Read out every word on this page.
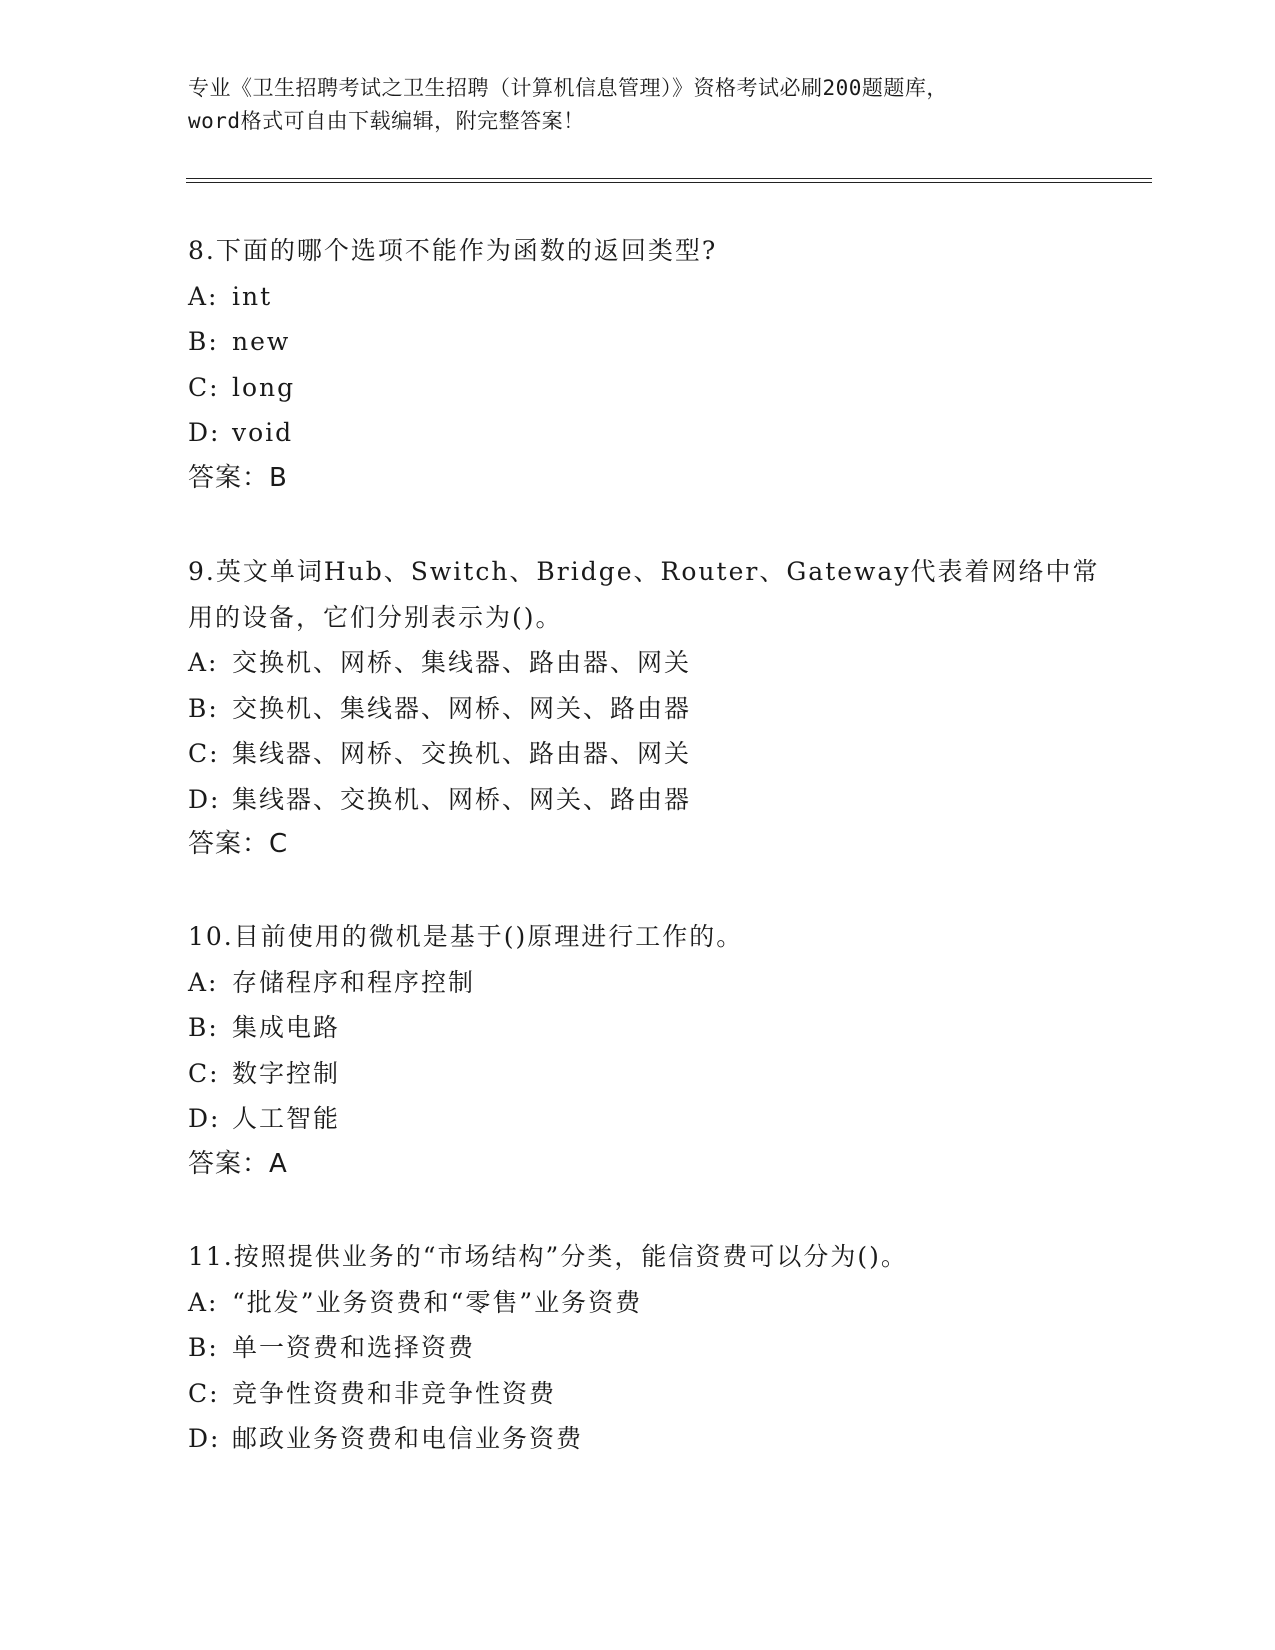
专业《卫生招聘考试之卫生招聘（计算机信息管理）》资格考试必刷200题题库，
word格式可自由下载编辑，附完整答案！
8.下面的哪个选项不能作为函数的返回类型?
A: int
B: new
C: long
D: void
答案：B
9.英文单词Hub、Switch、Bridge、Router、Gateway代表着网络中常
用的设备，它们分别表示为()。
A: 交换机、网桥、集线器、路由器、网关
B: 交换机、集线器、网桥、网关、路由器
C: 集线器、网桥、交换机、路由器、网关
D: 集线器、交换机、网桥、网关、路由器
答案：C
10.目前使用的微机是基于()原理进行工作的。
A: 存储程序和程序控制
B: 集成电路
C: 数字控制
D: 人工智能
答案：A
11.按照提供业务的“市场结构”分类，能信资费可以分为()。
A: “批发”业务资费和“零售”业务资费
B: 单一资费和选择资费
C: 竞争性资费和非竞争性资费
D: 邮政业务资费和电信业务资费
